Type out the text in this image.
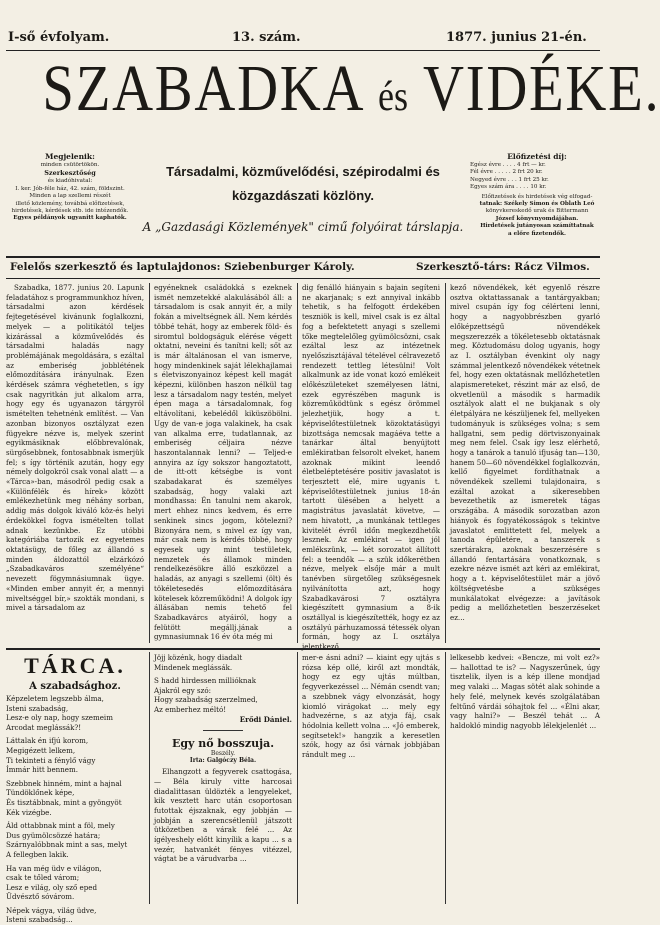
I-ső évfolyam.	13. szám.	1877. junius 21-én.
SZABADKA és VIDÉKE.
Megjelenik:
minden csütörtökön.
Szerkesztőség
és kiadóhivatal:
I. ker. Jób-féle ház, 42. szám, földszint.
Minden a lap szellemi részét
illető közlemény, továbbá előfizetések,
hirdetések, kérdések stb. ide intézendők.
Egyes példányok ugyanitt kaphatók.
Társadalmi, közművelődési, szépirodalmi és
közgazdászati közlöny.
A „Gazdasági Közlemények" cimű folyóirat társlapja.
Előfizetési díj:
Egész évre . . . . 4 frt — kr.
Fél évre . . . . . 2 frt 20 kr.
Negyed évre . . . 1 frt 25 kr.
Egyes szám ára . . . . 10 kr.
Előfizetések és hirdetések vég elfogad-
tatnak: Székely Simon és Oblath Leó
könyvkereskedő urak és Bittermann
József könyvnyomdájában.
Hirdetések jutányosan számíttatnak
a előre fizetendők.
Felelős szerkesztő és laptulajdonos: Sziebenburger Károly.	Szerkesztő-társ: Rácz Vilmos.

Szabadka, 1877. junius 20. Lapunk feladatához s programmunkhoz híven, társadalmi azon kérdések fejtegetésével kivánunk foglalkozni, melyek — a politikától teljes kizárással a közművelődés és társadalmi haladás nagy problémájának megoldására, s ezáltal az emberiség jobblétének előmozdítására irányulnak. Ezen kérdések számra véghetetlen, s így csak nagyritkán jut alkalom arra, hogy egy és ugyanazon tárgyról ismételten tehetnénk említést. — Van azonban bizonyos osztályzat ezen fügyekre nézve is, melyek szerint egyikmásiknak előbbrevalónak, sürgősebbnek, fontosabbnak ismerjük fel; s így történik azután, hogy egy némely dolgokról csak vonal alatt — a «Tárca»-ban, másodról pedig csak a «Különfélék és hírek» között emlékezhetünk meg néhány sorban, addig más dolgok kiváló köz-és helyi érdekökkel fogva ismételten tollat adnak kezünkbe. Ez utóbbi kategóriába tartozik ez egyetemes oktatásügy, de főleg az állandó s minden áldozattól elzárkózó „Szabadkaváros személyéne“ nevezett fögymnásiumnak ügye. «Minden ember annyit ér, a mennyi miveltséggel bír,» szokták mondani, s mivel a társadalom az

egyéneknek családokká s ezeknek ismét nemzetekké alakulásából áll: a társadalom is csak annyit ér, a mily fokán a miveltségnek áll. Nem kérdés többé tehát, hogy az emberek föld- és siromtul boldogságuk elérése végett oktatni, neveini és tanítni kell; sőt az is már általánosan el van ismerve, hogy mindenkinek saját lélekhajlamai s életviszonyainoz képest kell magát képezni, különben haszon nélkül tag lesz a társadalom nagy testén, melyet épen maga a társadalomnak, fog eltávolítani, kebelédől kiküszöbölni. Ugy de van-e joga valakinek, ha csak van alkalma erre, tudatlannak, az emberiség céljaira nézve haszontalannak lenni? — Teljed-e annyira az így sokszor hangoztatott, de itt-ott kétségbe is vont szabadakarat és személyes szabadság, hogy valaki azt mondhassa: Én tanulni nem akarok, mert ehhez nincs kedvem, és erre senkinek sincs jogom, kötelezni? Bizonyára nem, s mivel ez így van, már csak nem is kérdés többé, hogy egyesek ugy mint testületek, nemzetek és államok minden rendelkezésökre álló eszközzel a haladás, az anyagi s szellemi (ölt) és tökéletesedés előmozdítására kötelesek közreműködni! A dolgok így állásában nemis tehető fel Szabadkavárcs atyáiról, hogy a felütött megállj.jának a gymnasiumnak 16 év óta még mi

dig fenálló hiányain s bajain segíteni ne akarjanak; s ezt annyival inkább tehetik, s ha felfogott érdekében teszniök is kell, mivel csak is ez által fog a befektetett anyagi s szellemi tőke megtelelőleg gyümölcsözni, csak ezáltal lesz az intézetnek nyelőszisztájával tételével célravezető rendezett tettleg létesülni! Volt alkalmunk az ide vonat kozó emlékeit előkészületeket személyesen látni, ezek egyrészében magunk is közreműködtünk s egész örömmel jelezhetjük, hogy a t. képviselőtestületnek közoktatásügyi bizottsága nemcsak magáéva tette a tanárkar által benyújtott emlékiratban felsorolt elveket, hanem azoknak mikint leendő életbeléptetésére positiv javaslatot is terjesztett elé, mire ugyanis t. képviselőtestületnek junius 18-án tartott ülésében a helyett a magistrátus javaslatát követve, — nem hivatott, „a munkának tettleges kivitelét évről időn megkezdhetők lesznek. Az emlékirat — igen jól emlékszünk, — két sorozatot állított fel: a teendők — a szük időkerétben nézve, melyek elsője már a mult tanévben sürgetőleg szükségesnek nyilvánította azt, hogy Szabadkavárosi 7 osztályra kiegészített gymnasium a 8-ik osztállyal is kiegészítették, hogy ez az osztályú párhuzamossá tétessék olyan formán, hogy az I. osztálya jelentkező...

kező növendékek, két egyenlő részre osztva oktattassanak a tantárgyakban; mivel csupán így fog célérteni lenni, hogy a nagyobbrészben gyarló előképzettségű növendékek megszerezzék a tökéletesebb oktatásnak meg. Köztudomásu dolog ugyanis, hogy az I. osztályban évenkint oly nagy számmal jelentkező növendékek vétetnek fel, hogy ezen oktatásnak mellőzhetetlen alapismereteket, részint már az első, de okvetlenül a második s harmadik osztályok alatt el ne bukjanak s oly életpályára ne készüljenek fel, mellyeken tudományuk is szükséges volna; s sem hallgatni, sem pedig dörtviszonyainak meg nem felel. Csak így lesz elérhető, hogy a tanárok a tanuló ifjuság tan—130, hanem 50—60 növendékkel foglalkozván, kellő figyelmet fordíthatnak a növendékek szellemi tulajdonaira, s ezáltal azokat a sikeresebben bevezethetik az ismeretek tágas országába. A második sorozatban azon hiányok és fogyatékosságok s tekintve javaslatot emlittetett fel, melyek a tanoda épületére, a tanszerek s szertárakra, azoknak beszerzésére s állandó fentartására vonatkoznak, s ezekre nézve ismét azt kéri az emlékirat, hogy a t. képviselőtestület már a jövő költségvetésbe a szükséges munkálatokat elvégezze: a javítások pedig a mellőzhetetlen beszerzéseket ez...

TÁRCA.
A szabadsághoz.
Képzeletem legszebb álma,
Isteni szabadság,
Lesz-e oly nap, hogy szemeim
Arcodat meglássák?!
Láttalak én ifjú korom,
Megigézett lelkem,
Ti tekinteti a fénylő vágy
Ímmár hitt bennem.
Szebbnek hinném, mint a hajnal
Tündöklőnek képe,
És tisztábbnak, mint a gyöngyöt
Kék vizégbe.
Áld ottabbnak mint a föl, mely
Dus gyümölcsözzé határa;
Szárnyalóbbnak mint a sas, melyt
A fellegben lakik.
Ha van még üdv e világon,
csak te tőled várom;
Lesz e világ, oly sző eped
Üdvésztő sóvárom.
Népek vágya, világ üdve,
Isteni szabadság...
Jöjj közénk, hogy diadalt
Mindenek meglássák.
S hadd hirdessen millióknak
Ajakról egy szó:
Hogy szabadság szerzelmed,
Az emberhez méltó!
Erődi Dániel.
Egy nő bosszuja.
Beszély.
Irta: Galgóczy Béla.

Elhangzott a fegyverek csattogása, — Béla kiruly vitte harcosai diadalittasan üldözték a lengyeleket, kik vesztett harc után csoportosan futottak éjszaknak, egy jobbján — jobbján a szerencsétlenül játszott ütközetben a várak felé ... Az ígélyeshely előtt kinyílik a kapu ... s a vezér, hatvankét fényes vitézzel, vágtat be a várudvarba ...

mer-e ásni adni? — kiaint egy ujtás s rózsa kép ollé, kiről azt mondták, hogy ez egy ujtás múltban, fegyverkezéssel ... Némán csendt van; a szebbnek vágy elvonzását, hogy kiomló virágokat ... mely egy hadvezérne, s az atyja fáj, csak hódolnia kellett volna ... «Jó emberek, segítsetek!» hangzik a keresetlen szók, hogy az ősi várnak jobbjában rándult meg ...

lelkesebb kedvei: «Bencze, mi volt ez?» — hallottad te is? — Nagyszerűnek, úgy tisztelik, ilyen is a kép illene mondjad meg valaki ... Magas sötét alak sohinde a hely felé, melynek kevés szolgálatában feltűnő várdái sóhajtok fel ... «Élni akar, vagy halni?» — Beszél tehát ... A haldokló mindig nagyobb lélekjelenlét ...
